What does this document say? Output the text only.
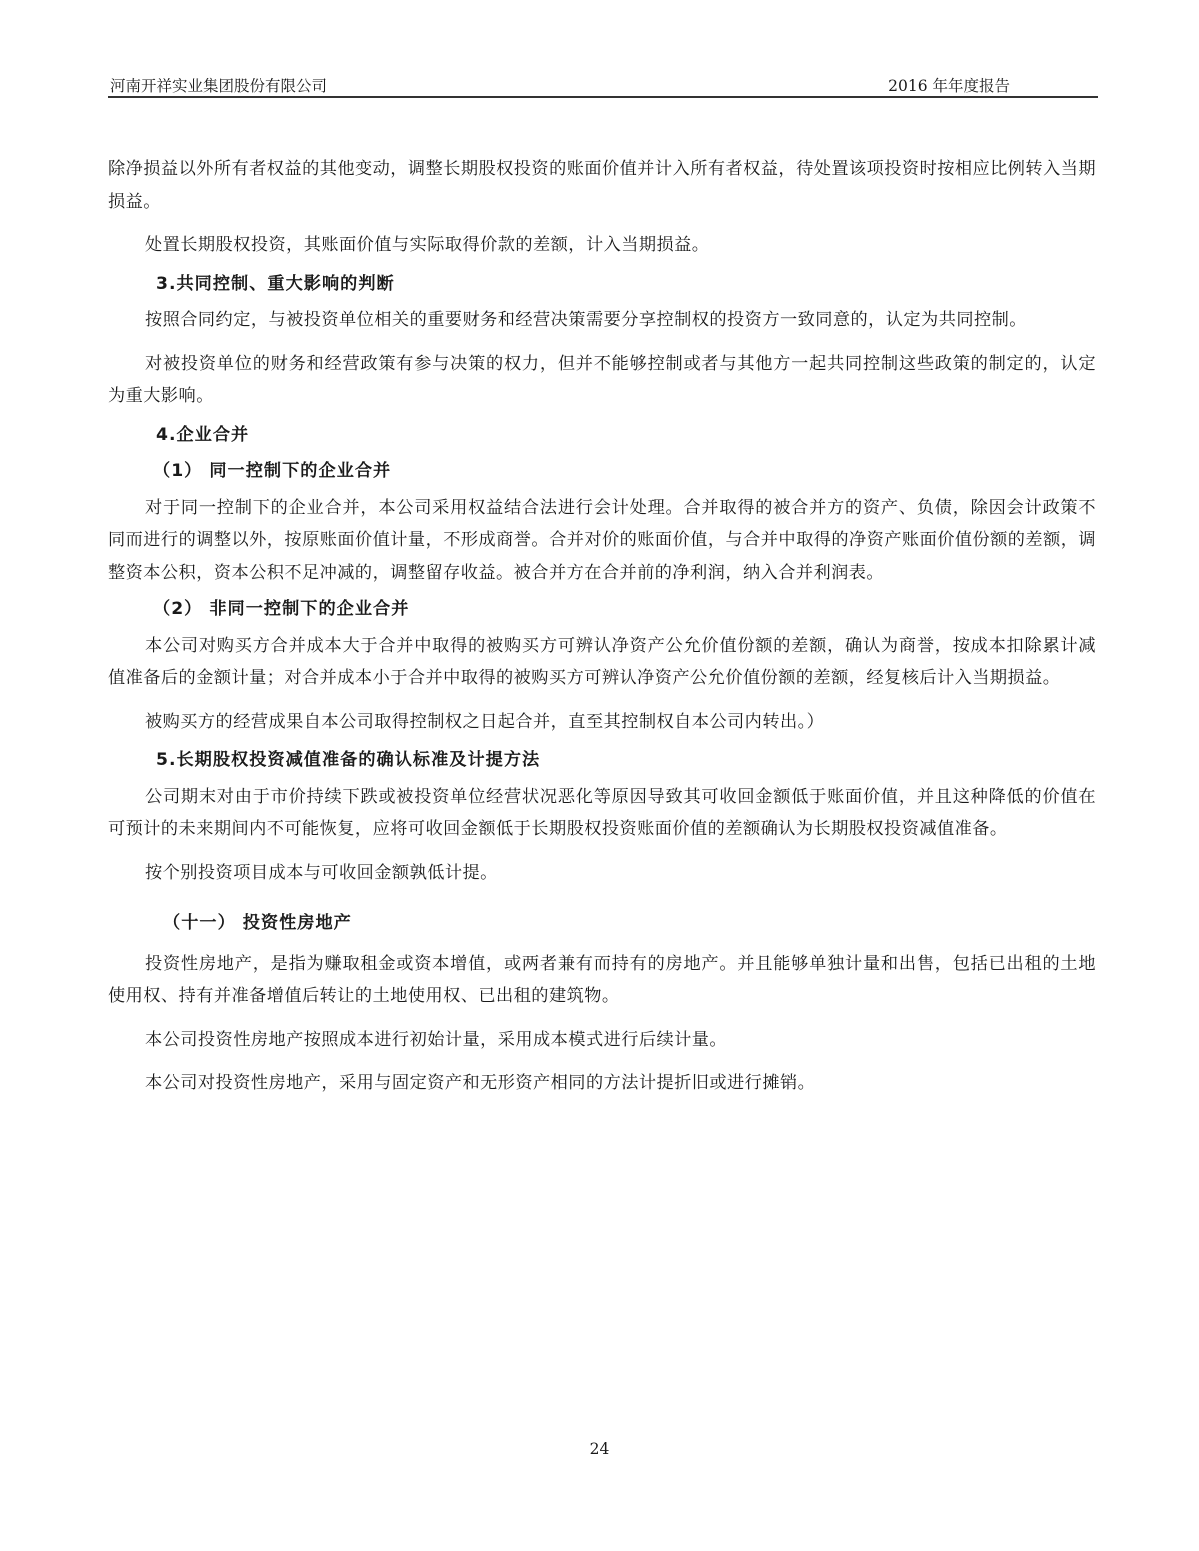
河南开祥实业集团股份有限公司	2016 年年度报告

除净损益以外所有者权益的其他变动，调整长期股权投资的账面价值并计入所有者权益，待处置该项投资时按相应比例转入当期损益。

处置长期股权投资，其账面价值与实际取得价款的差额，计入当期损益。

3.共同控制、重大影响的判断

按照合同约定，与被投资单位相关的重要财务和经营决策需要分享控制权的投资方一致同意的，认定为共同控制。

对被投资单位的财务和经营政策有参与决策的权力，但并不能够控制或者与其他方一起共同控制这些政策的制定的，认定为重大影响。

4.企业合并
（1） 同一控制下的企业合并

对于同一控制下的企业合并，本公司采用权益结合法进行会计处理。合并取得的被合并方的资产、负债，除因会计政策不同而进行的调整以外，按原账面价值计量，不形成商誉。合并对价的账面价值，与合并中取得的净资产账面价值份额的差额，调整资本公积，资本公积不足冲减的，调整留存收益。被合并方在合并前的净利润，纳入合并利润表。

（2） 非同一控制下的企业合并

本公司对购买方合并成本大于合并中取得的被购买方可辨认净资产公允价值份额的差额，确认为商誉，按成本扣除累计减值准备后的金额计量；对合并成本小于合并中取得的被购买方可辨认净资产公允价值份额的差额，经复核后计入当期损益。

被购买方的经营成果自本公司取得控制权之日起合并，直至其控制权自本公司内转出。）

5.长期股权投资减值准备的确认标准及计提方法

公司期末对由于市价持续下跌或被投资单位经营状况恶化等原因导致其可收回金额低于账面价值，并且这种降低的价值在可预计的未来期间内不可能恢复，应将可收回金额低于长期股权投资账面价值的差额确认为长期股权投资减值准备。

按个别投资项目成本与可收回金额孰低计提。

（十一） 投资性房地产

投资性房地产，是指为赚取租金或资本增值，或两者兼有而持有的房地产。并且能够单独计量和出售，包括已出租的土地使用权、持有并准备增值后转让的土地使用权、已出租的建筑物。

本公司投资性房地产按照成本进行初始计量，采用成本模式进行后续计量。

本公司对投资性房地产，采用与固定资产和无形资产相同的方法计提折旧或进行摊销。

24
